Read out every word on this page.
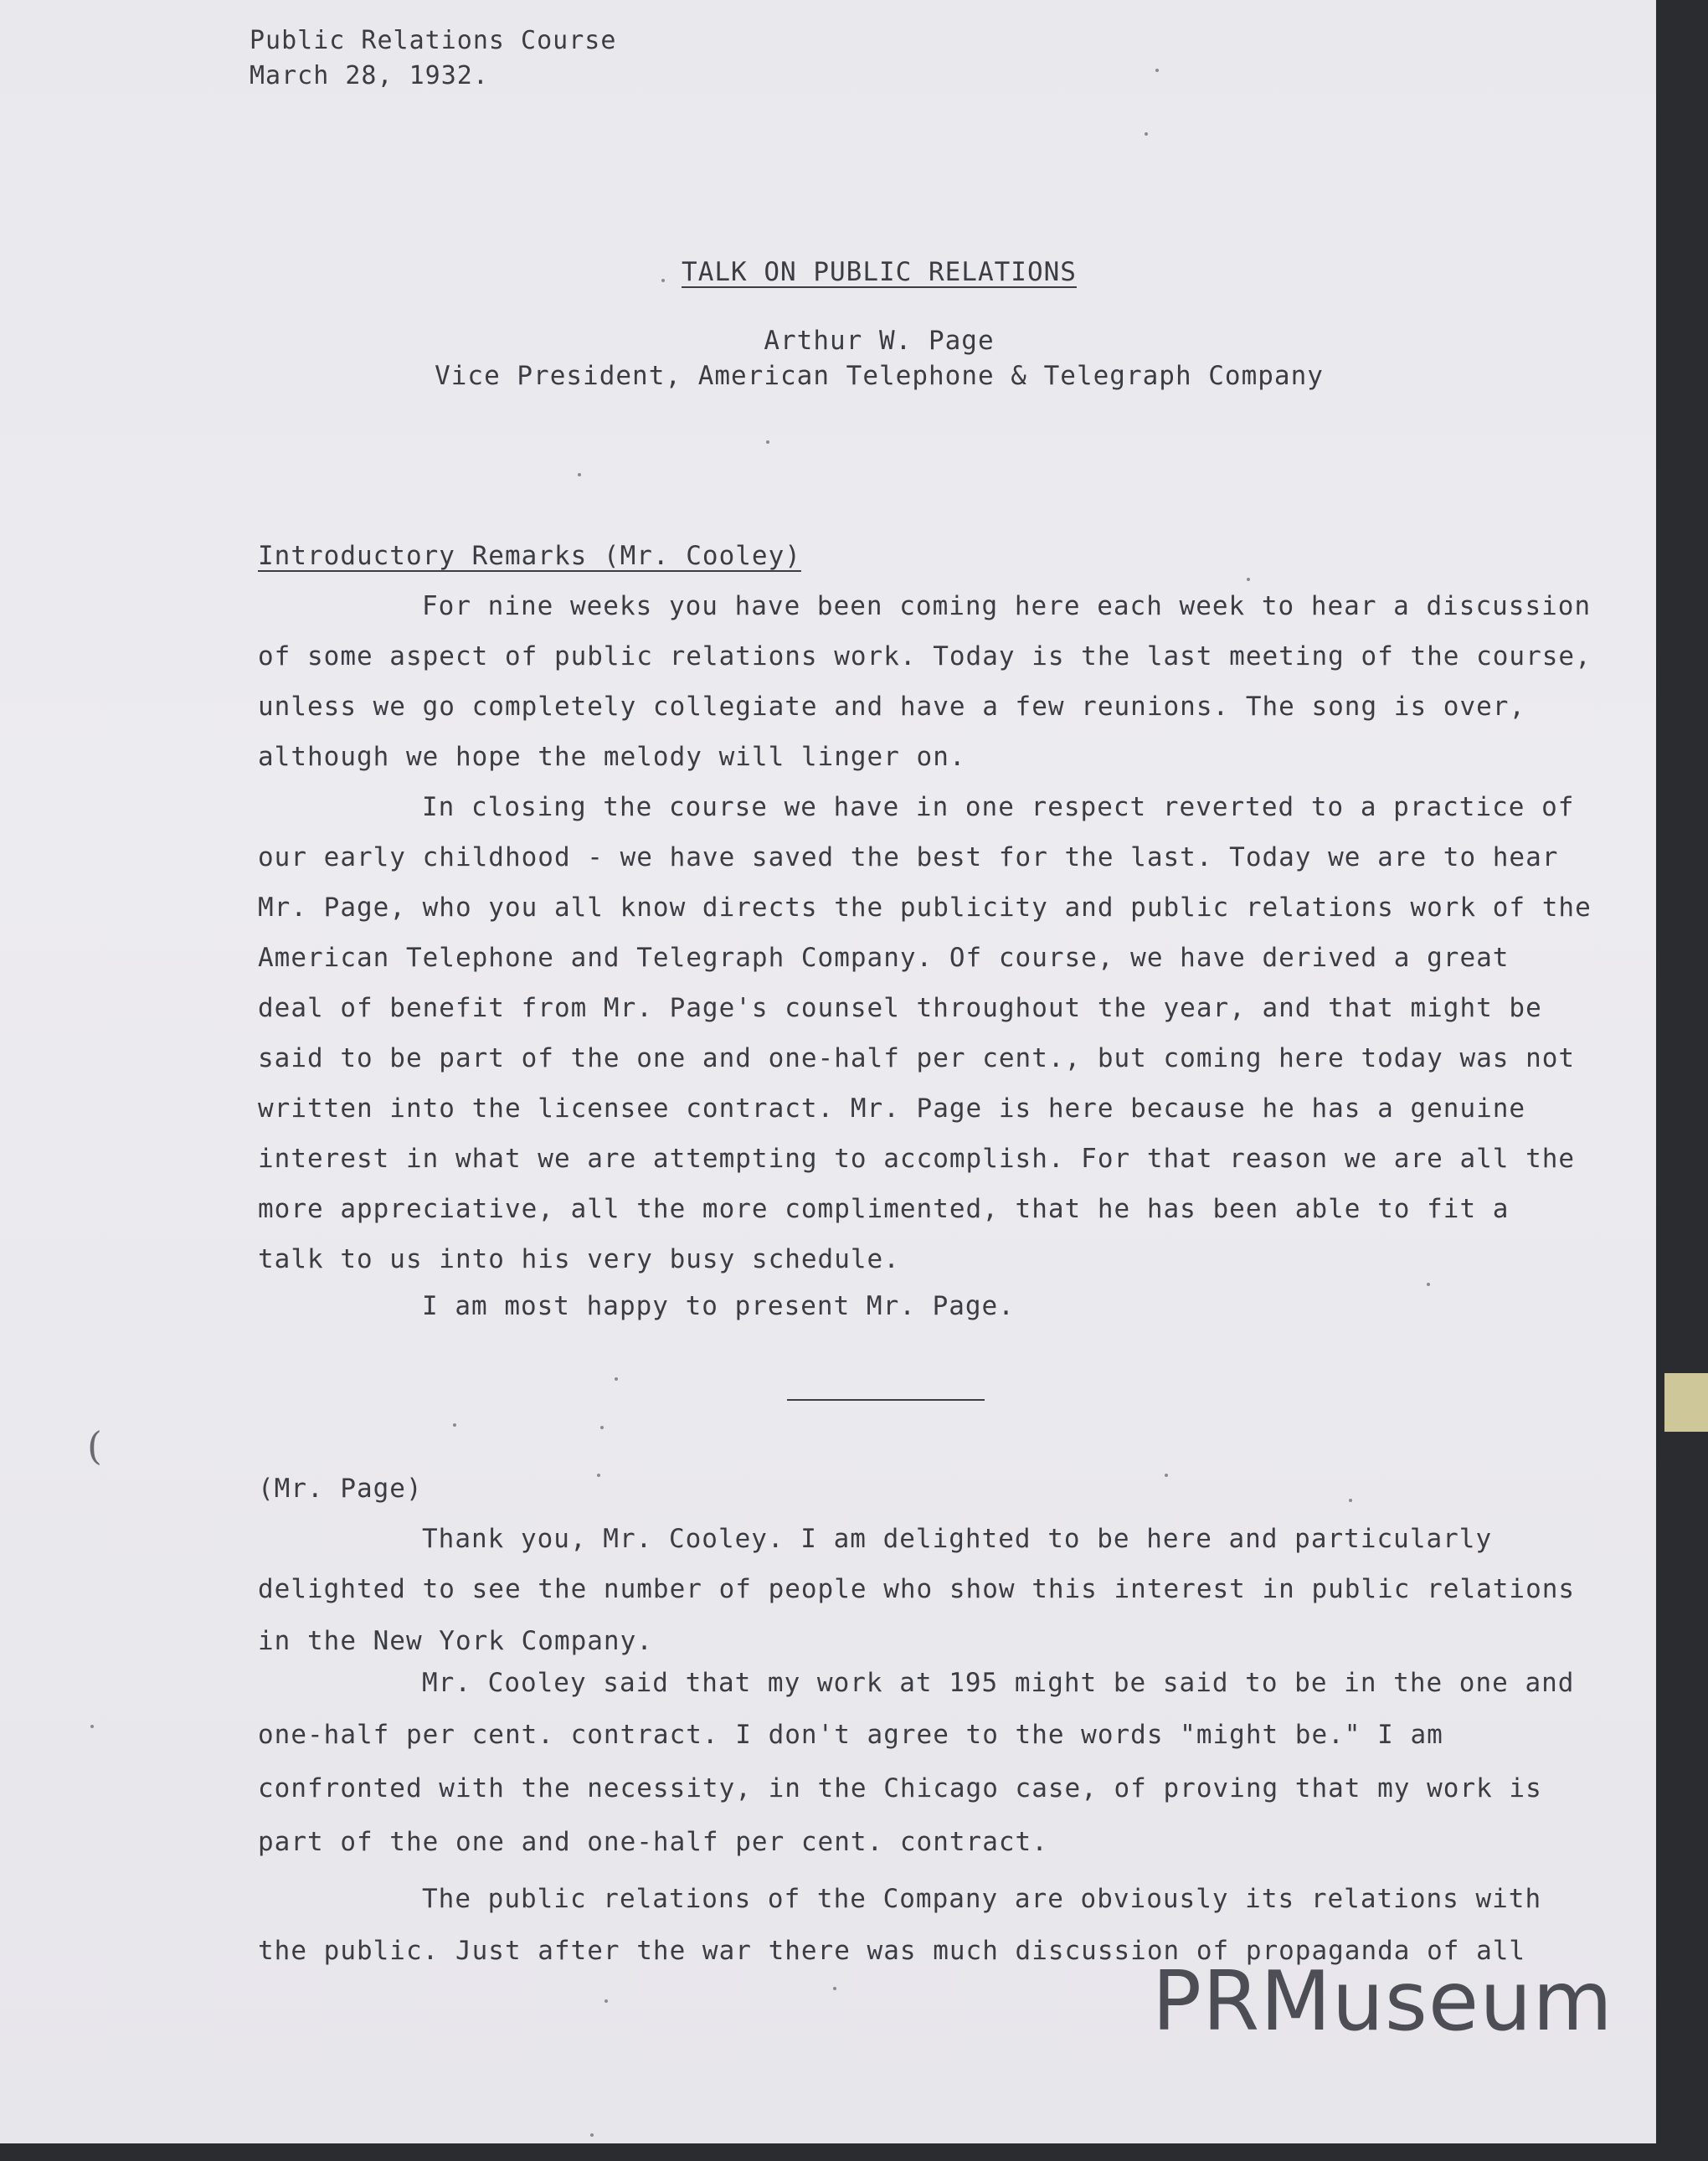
Public Relations Course
March 28, 1932.
TALK ON PUBLIC RELATIONS
Arthur W. Page
Vice President, American Telephone & Telegraph Company
Introductory Remarks (Mr. Cooley)
For nine weeks you have been coming here each week to hear a discussion
of some aspect of public relations work. Today is the last meeting of the course,
unless we go completely collegiate and have a few reunions. The song is over,
although we hope the melody will linger on.
In closing the course we have in one respect reverted to a practice of
our early childhood - we have saved the best for the last. Today we are to hear
Mr. Page, who you all know directs the publicity and public relations work of the
American Telephone and Telegraph Company. Of course, we have derived a great
deal of benefit from Mr. Page's counsel throughout the year, and that might be
said to be part of the one and one-half per cent., but coming here today was not
written into the licensee contract. Mr. Page is here because he has a genuine
interest in what we are attempting to accomplish. For that reason we are all the
more appreciative, all the more complimented, that he has been able to fit a
talk to us into his very busy schedule.
I am most happy to present Mr. Page.
(Mr. Page)
Thank you, Mr. Cooley. I am delighted to be here and particularly
delighted to see the number of people who show this interest in public relations
in the New York Company.
Mr. Cooley said that my work at 195 might be said to be in the one and
one-half per cent. contract. I don't agree to the words "might be." I am
confronted with the necessity, in the Chicago case, of proving that my work is
part of the one and one-half per cent. contract.
The public relations of the Company are obviously its relations with
the public. Just after the war there was much discussion of propaganda of all
(
PRMuseum
